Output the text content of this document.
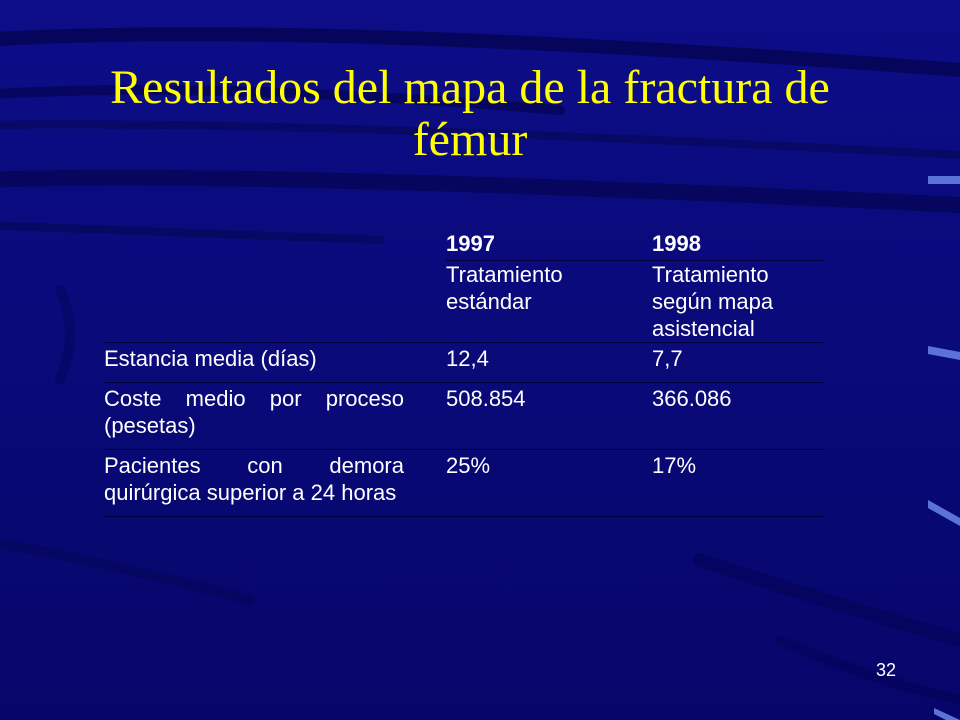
Resultados del mapa de la fractura de
fémur
	1997	1998
	Tratamiento estándar	Tratamiento según mapa asistencial
Estancia media (días)	12,4	7,7
Coste medio por proceso (pesetas)	508.854	366.086
Pacientes con demora quirúrgica superior a 24 horas	25%	17%
32
